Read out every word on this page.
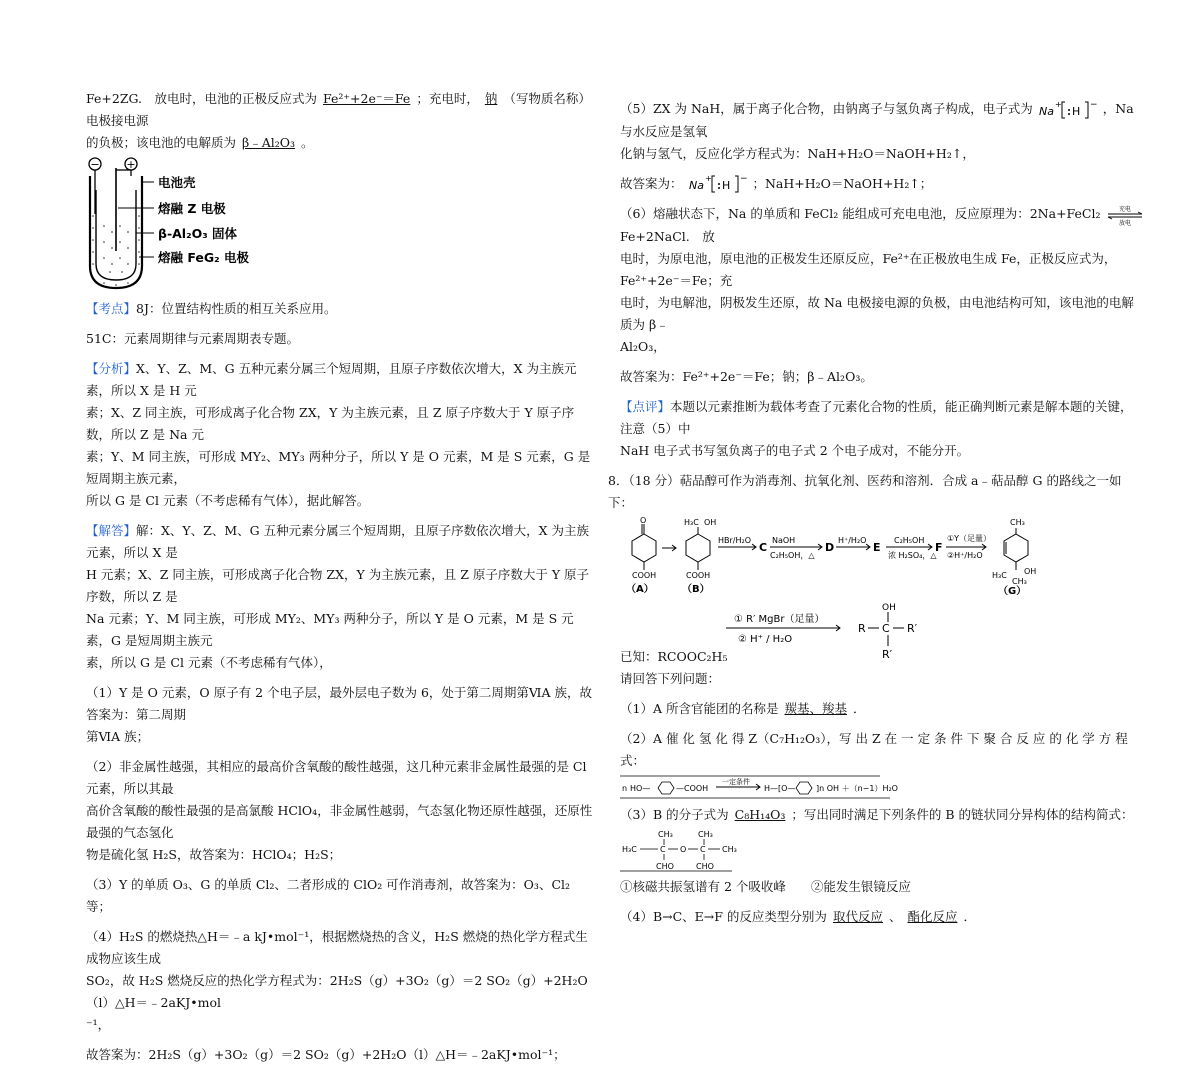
Fe+2ZG.　放电时，电池的正极反应式为 Fe²⁺+2e⁻＝Fe ；充电时， 钠 （写物质名称）电极接电源

的负极；该电池的电解质为 β﹣Al₂O₃ 。

− +
电池壳
熔融 Z 电极
β-Al₂O₃ 固体
熔融 FeG₂ 电极

【考点】8J：位置结构性质的相互关系应用。

51C：元素周期律与元素周期表专题。

【分析】X、Y、Z、M、G 五种元素分属三个短周期，且原子序数依次增大，X 为主族元素，所以 X 是 H 元

素；X、Z 同主族，可形成离子化合物 ZX，Y 为主族元素，且 Z 原子序数大于 Y 原子序数，所以 Z 是 Na 元

素；Y、M 同主族，可形成 MY₂、MY₃ 两种分子，所以 Y 是 O 元素，M 是 S 元素，G 是短周期主族元素，

所以 G 是 Cl 元素（不考虑稀有气体），据此解答。

【解答】解：X、Y、Z、M、G 五种元素分属三个短周期，且原子序数依次增大，X 为主族元素，所以 X 是

H 元素；X、Z 同主族，可形成离子化合物 ZX，Y 为主族元素，且 Z 原子序数大于 Y 原子序数，所以 Z 是

Na 元素；Y、M 同主族，可形成 MY₂、MY₃ 两种分子，所以 Y 是 O 元素，M 是 S 元素，G 是短周期主族元

素，所以 G 是 Cl 元素（不考虑稀有气体），

（1）Y 是 O 元素，O 原子有 2 个电子层，最外层电子数为 6，处于第二周期第ⅥA 族，故答案为：第二周期

第ⅥA 族；

（2）非金属性越强，其相应的最高价含氧酸的酸性越强，这几种元素非金属性最强的是 Cl 元素，所以其最

高价含氧酸的酸性最强的是高氯酸 HClO₄，非金属性越弱，气态氢化物还原性越强，还原性最强的气态氢化

物是硫化氢 H₂S，故答案为：HClO₄；H₂S；

（3）Y 的单质 O₃、G 的单质 Cl₂、二者形成的 ClO₂ 可作消毒剂，故答案为：O₃、Cl₂ 等；

（4）H₂S 的燃烧热△H＝﹣a kJ•mol⁻¹，根据燃烧热的含义，H₂S 燃烧的热化学方程式生成物应该生成

SO₂，故 H₂S 燃烧反应的热化学方程式为：2H₂S（g）+3O₂（g）＝2 SO₂（g）+2H₂O（l）△H＝﹣2aKJ•mol

⁻¹，

故答案为：2H₂S（g）+3O₂（g）＝2 SO₂（g）+2H₂O（l）△H＝﹣2aKJ•mol⁻¹；

（5）ZX 为 NaH，属于离子化合物，由钠离子与氢负离子构成，电子式为 Na
+
H − ，Na 与水反应是氢氧

化钠与氢气，反应化学方程式为：NaH+H₂O＝NaOH+H₂↑，

故答案为： Na
+
H − ；NaH+H₂O＝NaOH+H₂↑；

（6）熔融状态下，Na 的单质和 FeCl₂ 能组成可充电电池，反应原理为：2Na+FeCl₂	充电
放电
Fe+2NaCl.　放

电时，为原电池，原电池的正极发生还原反应，Fe²⁺在正极放电生成 Fe，正极反应式为，Fe²⁺+2e⁻＝Fe；充

电时，为电解池，阴极发生还原，故 Na 电极接电源的负极，由电池结构可知，该电池的电解质为 β﹣

Al₂O₃，

故答案为：Fe²⁺+2e⁻＝Fe；钠；β﹣Al₂O₃。

【点评】本题以元素推断为载体考查了元素化合物的性质，能正确判断元素是解本题的关键，注意（5）中

NaH 电子式书写氢负离子的电子式 2 个电子成对，不能分开。

8．（18 分）萜品醇可作为消毒剂、抗氧化剂、医药和溶剂．合成 a﹣萜品醇 G 的路线之一如下：

O
COOH
（A）
H₃C OH
COOH
（B）
HBr/H₂O
C
NaOH
C₂H₅OH，△
D
H⁺/H₂O
E
C₂H₅OH
浓 H₂SO₄，△
F
①Y（足量）
②H⁺/H₂O
CH₃
H₃C OH
CH₃
（G）
① R′ MgBr（足量）
② H⁺ / H₂O
OH
R C R′
R′

已知：RCOOC₂H₅

请回答下列问题：

（1）A 所含官能团的名称是 羰基、羧基 ．

（2）A 催 化 氢 化 得 Z（C₇H₁₂O₃），写 出 Z 在 一 定 条 件 下 聚 合 反 应 的 化 学 方 程 式：

n HO—	—COOH
一定条件
H—[O—	]n OH ＋（n−1）H₂O

（3）B 的分子式为 C₈H₁₄O₃ ；写出同时满足下列条件的 B 的链状同分异构体的结构简式：

CH₃	CH₃
H₃C	C O C CH₃
CHO	CHO

①核磁共振氢谱有 2 个吸收峰　　 ②能发生银镜反应

（4）B→C、E→F 的反应类型分别为 取代反应 、 酯化反应 ．
